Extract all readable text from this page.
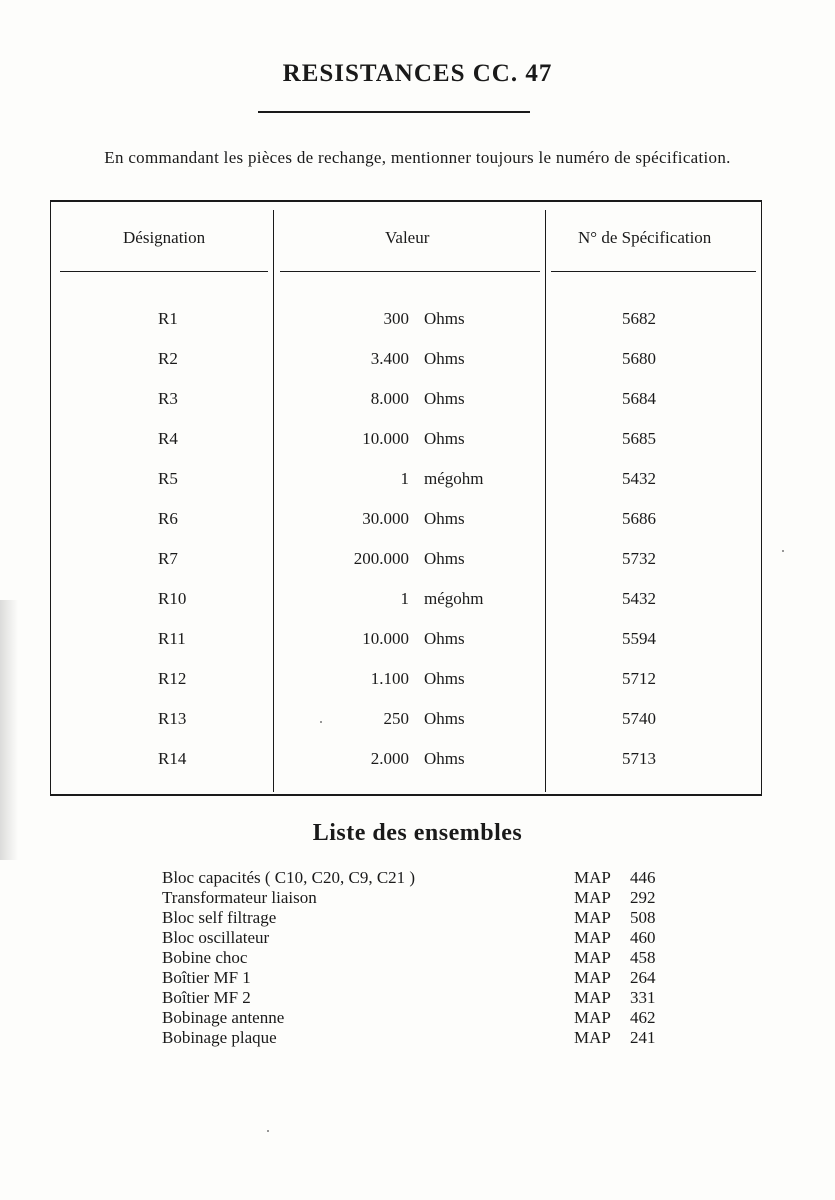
RESISTANCES CC. 47
En commandant les pièces de rechange, mentionner toujours le numéro de spécification.
Désignation	Valeur	N° de Spécification
R1	300 Ohms	5682
R2	3.400 Ohms	5680
R3	8.000 Ohms	5684
R4	10.000 Ohms	5685
R5	1 mégohm	5432
R6	30.000 Ohms	5686
R7	200.000 Ohms	5732
R10	1 mégohm	5432
R11	10.000 Ohms	5594
R12	1.100 Ohms	5712
R13	250 Ohms	5740
R14	2.000 Ohms	5713
Liste des ensembles
Bloc capacités ( C10, C20, C9, C21 )	MAP 446
Transformateur liaison	MAP 292
Bloc self filtrage	MAP 508
Bloc oscillateur	MAP 460
Bobine choc	MAP 458
Boîtier MF 1	MAP 264
Boîtier MF 2	MAP 331
Bobinage antenne	MAP 462
Bobinage plaque	MAP 241
